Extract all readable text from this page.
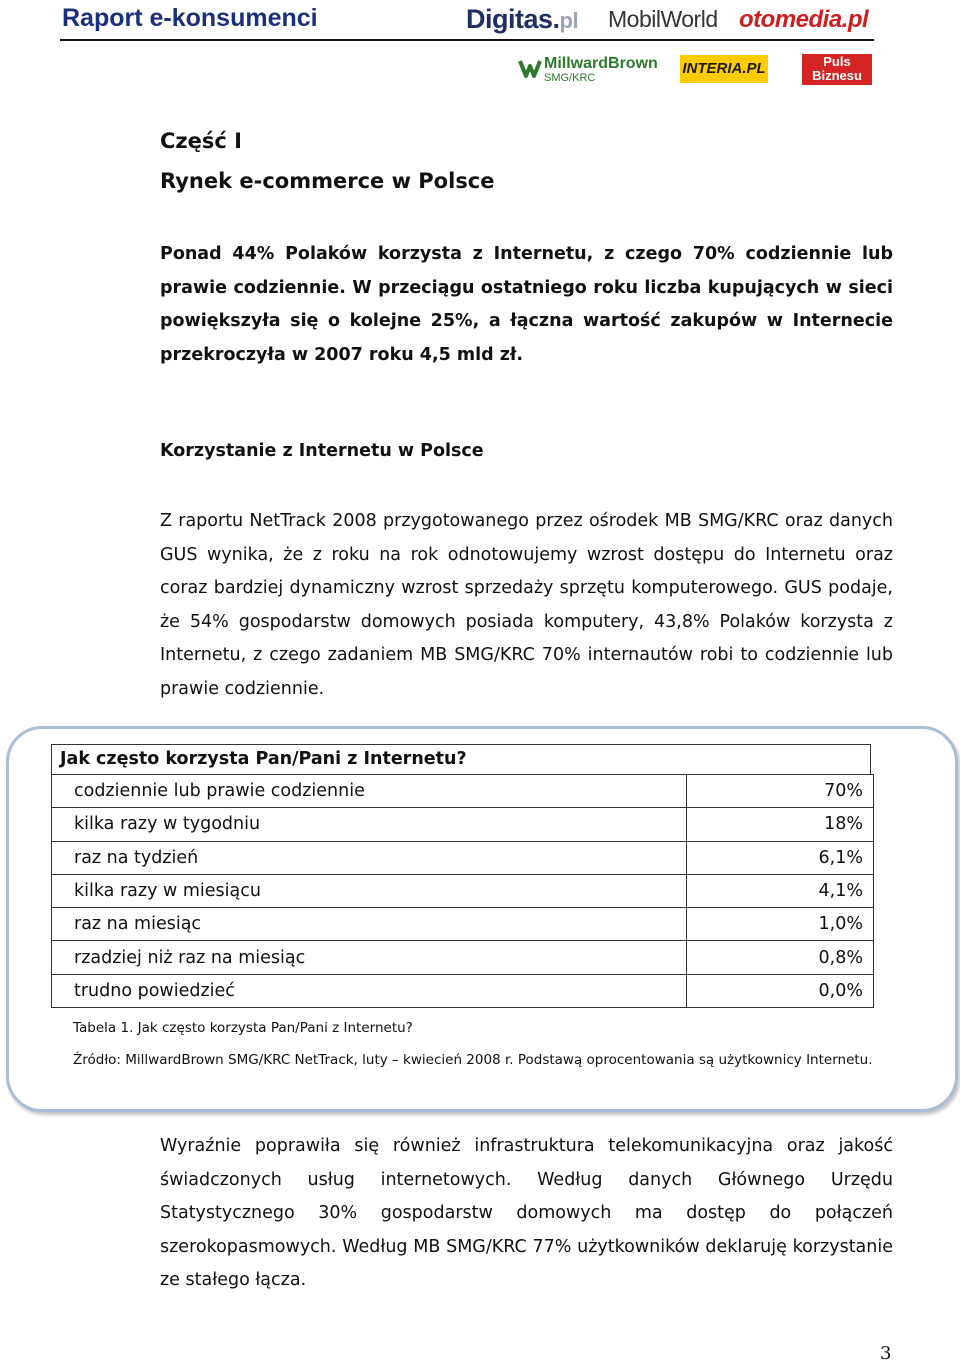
Raport e-konsumenci	Digitas.pl MobilWorld otomedia.pl
MillwardBrown
SMG/KRC
INTERIA.PL	Puls
Biznesu
Część I
Rynek e-commerce w Polsce
Ponad 44% Polaków korzysta z Internetu, z czego 70% codziennie lub prawie codziennie. W przeciągu ostatniego roku liczba kupujących w sieci powiększyła się o kolejne 25%, a łączna wartość zakupów w Internecie przekroczyła w 2007 roku 4,5 mld zł.
Korzystanie z Internetu w Polsce
Z raportu NetTrack 2008 przygotowanego przez ośrodek MB SMG/KRC oraz danych GUS wynika, że z roku na rok odnotowujemy wzrost dostępu do Internetu oraz coraz bardziej dynamiczny wzrost sprzedaży sprzętu komputerowego. GUS podaje, że 54% gospodarstw domowych posiada komputery, 43,8% Polaków korzysta z Internetu, z czego zadaniem MB SMG/KRC 70% internautów robi to codziennie lub prawie codziennie.
Jak często korzysta Pan/Pani z Internetu?
codziennie lub prawie codziennie	70%
kilka razy w tygodniu	18%
raz na tydzień	6,1%
kilka razy w miesiącu	4,1%
raz na miesiąc	1,0%
rzadziej niż raz na miesiąc	0,8%
trudno powiedzieć	0,0%
Tabela 1. Jak często korzysta Pan/Pani z Internetu?
Źródło: MillwardBrown SMG/KRC NetTrack, luty – kwiecień 2008 r. Podstawą oprocentowania są użytkownicy Internetu.
Wyraźnie poprawiła się również infrastruktura telekomunikacyjna oraz jakość świadczonych usług internetowych. Według danych Głównego Urzędu Statystycznego 30% gospodarstw domowych ma dostęp do połączeń szerokopasmowych. Według MB SMG/KRC 77% użytkowników deklaruję korzystanie ze stałego łącza.
3
